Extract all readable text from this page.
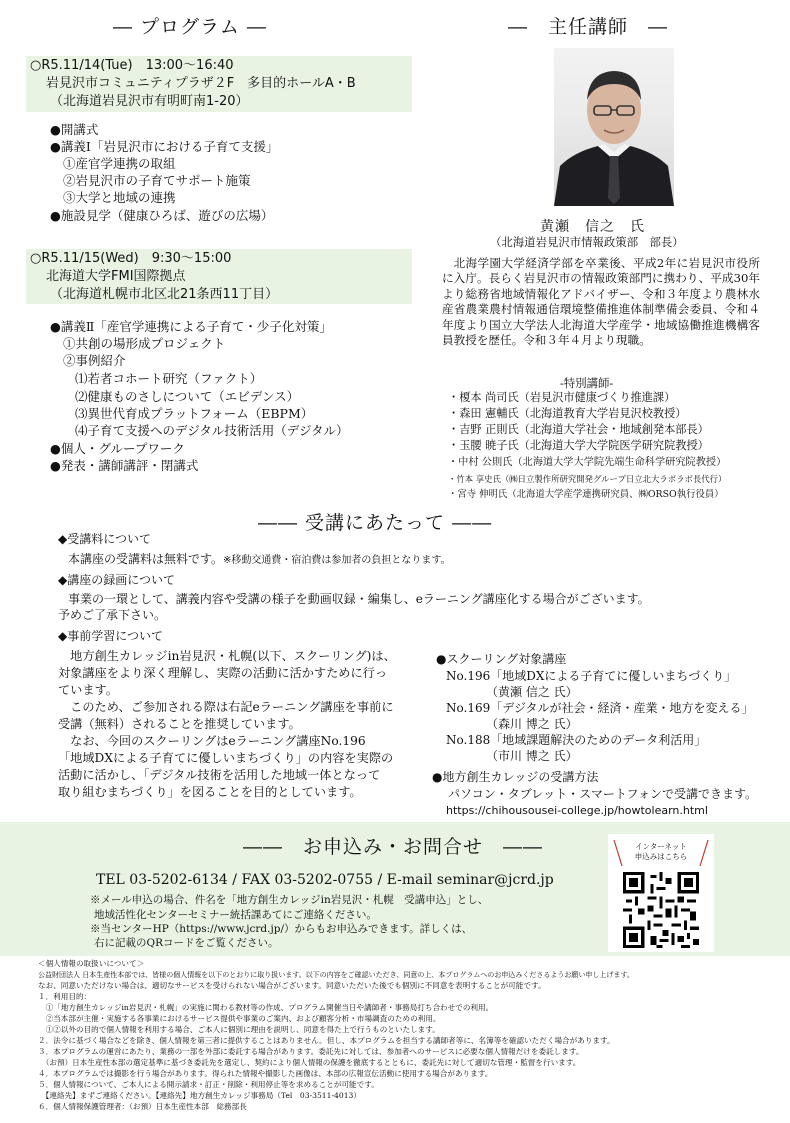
― プログラム ―
○R5.11/14(Tue)　13:00～16:40
岩見沢市コミュニティプラザ２F　多目的ホールA・B
（北海道岩見沢市有明町南1-20）
●開講式
●講義Ⅰ「岩見沢市における子育て支援」
①産官学連携の取組
②岩見沢市の子育てサポート施策
③大学と地域の連携
●施設見学（健康ひろば、遊びの広場）
○R5.11/15(Wed)　9:30～15:00
北海道大学FMI国際拠点
（北海道札幌市北区北21条西11丁目）
●講義Ⅱ「産官学連携による子育て・少子化対策」
①共創の場形成プロジェクト
②事例紹介
⑴若者コホート研究（ファクト）
⑵健康ものさしについて（エビデンス）
⑶異世代育成プラットフォーム（EBPM）
⑷子育て支援へのデジタル技術活用（デジタル）
●個人・グループワーク
●発表・講師講評・閉講式
―　主任講師　―
黄瀬　信之　氏
（北海道岩見沢市情報政策部　部長）
北海学園大学経済学部を卒業後、平成2年に岩見沢市役所に入庁。長らく岩見沢市の情報政策部門に携わり、平成30年より総務省地域情報化アドバイザー、令和３年度より農林水産省農業農村情報通信環境整備推進体制準備会委員、令和４年度より国立大学法人北海道大学産学・地域協働推進機構客員教授を歴任。令和３年４月より現職。
-特別講師-
・榎本 尚司氏（岩見沢市健康づくり推進課）
・森田 憲輔氏（北海道教育大学岩見沢校教授）
・吉野 正則氏（北海道大学社会・地域創発本部長）
・玉腰 暁子氏（北海道大学大学院医学研究院教授）
・中村 公則氏（北海道大学大学院先端生命科学研究院教授）
・竹本 享史氏（㈱日立製作所研究開発グループ日立北大ラボラボ長代行）
・宮寺 伸明氏（北海道大学産学連携研究員、㈱ORSO執行役員）
―― 受講にあたって ――
◆受講料について
本講座の受講料は無料です。※移動交通費・宿泊費は参加者の負担となります。
◆講座の録画について
事業の一環として、講義内容や受講の様子を動画収録・編集し、eラーニング講座化する場合がございます。
予めご了承下さい。
◆事前学習について
　地方創生カレッジin岩見沢・札幌(以下、スクーリング)は、
対象講座をより深く理解し、実際の活動に活かすために行っ
ています。
　このため、ご参加される際は右記eラーニング講座を事前に
受講（無料）されることを推奨しています。
　なお、今回のスクーリングはeラーニング講座No.196
「地域DXによる子育てに優しいまちづくり」の内容を実際の
活動に活かし、「デジタル技術を活用した地域一体となって
取り組むまちづくり」を図ることを目的としています。
●スクーリング対象講座
No.196「地域DXによる子育てに優しいまちづくり」
（黄瀬 信之 氏）
No.169「デジタルが社会・経済・産業・地方を変える」
（森川 博之 氏）
No.188「地域課題解決のためのデータ利活用」
（市川 博之 氏）
●地方創生カレッジの受講方法
パソコン・タブレット・スマートフォンで受講できます。
https://chihousousei-college.jp/howtolearn.html
――　お申込み・お問合せ　――
TEL 03-5202-6134 / FAX 03-5202-0755 / E-mail seminar@jcrd.jp
※メール申込の場合、件名を「地方創生カレッジin岩見沢・札幌　受講申込」とし、
地域活性化センターセミナー統括課あてにご連絡ください。
※当センターHP（https://www.jcrd.jp/）からもお申込みできます。詳しくは、
右に記載のQRコードをご覧ください。
インターネット
申込みはこちら
＜個人情報の取扱いについて＞
公益財団法人 日本生産性本部では、皆様の個人情報を以下のとおりに取り扱います。以下の内容をご確認いただき、同意の上、本プログラムへのお申込みくださるようお願い申し上げます。
なお、同意いただけない場合は、適切なサービスを受けられない場合がございます。同意いただいた後でも個別に不同意を表明することが可能です。
１．利用目的：
　①「地方創生カレッジin岩見沢・札幌」の実施に関わる教材等の作成、プログラム開催当日や講師者・事務局打ち合わせでの利用。
　②当本部が主催・実施する各事業におけるサービス提供や事業のご案内、および顧客分析・市場調査のための利用。
　①②以外の目的で個人情報を利用する場合、ご本人に個別に理由を説明し、同意を得た上で行うものといたします。
２．法令に基づく場合などを除き、個人情報を第三者に提供することはありません。但し、本プログラムを担当する講師者等に、名簿等を確認いただく場合があります。
３．本プログラムの運営にあたり、業務の一部を外部に委託する場合があります。委託先に対しては、参加者へのサービスに必要な個人情報だけを委託します。
　（お預）日本生産性本部の選定基準に基づき委託先を選定し、契約により個人情報の保護を徹底するとともに、委託先に対して適切な管理・監督を行います。
４．本プログラムでは撮影を行う場合があります。得られた情報や撮影した画像は、本部の広報宣伝活動に使用する場合があります。
５．個人情報について、ご本人による開示請求・訂正・削除・利用停止等を求めることが可能です。
　【連絡先】まずご連絡ください。【連絡先】地方創生カレッジ事務局（Tel　03-3511-4013）
６．個人情報保護管理者：（お預）日本生産性本部　総務部長
